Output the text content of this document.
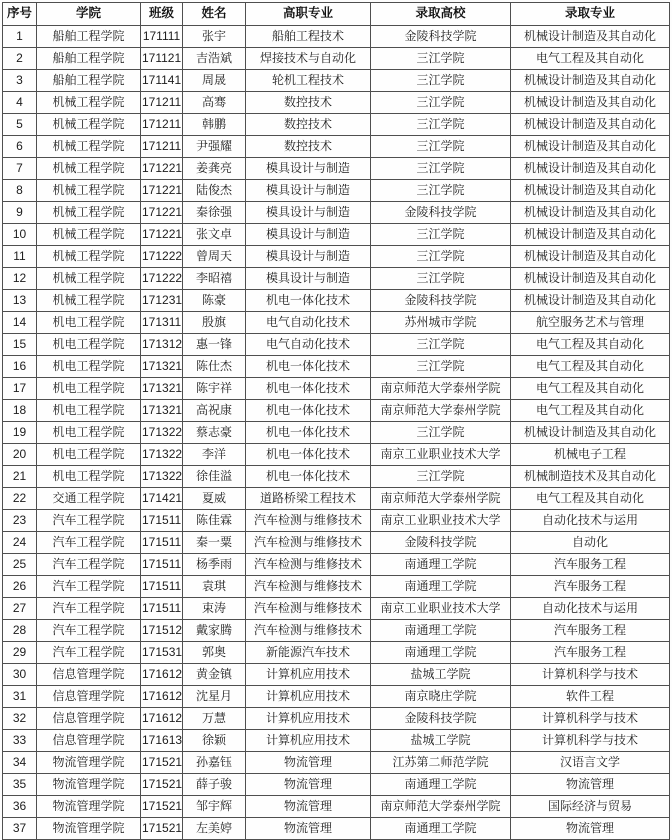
序号	学院	班级	姓名	高职专业	录取高校	录取专业
1	船舶工程学院	171111	张宇	船舶工程技术	金陵科技学院	机械设计制造及其自动化
2	船舶工程学院	171121	吉浩斌	焊接技术与自动化	三江学院	电气工程及其自动化
3	船舶工程学院	171141	周晟	轮机工程技术	三江学院	机械设计制造及其自动化
4	机械工程学院	171211	高骞	数控技术	三江学院	机械设计制造及其自动化
5	机械工程学院	171211	韩鹏	数控技术	三江学院	机械设计制造及其自动化
6	机械工程学院	171211	尹强耀	数控技术	三江学院	机械设计制造及其自动化
7	机械工程学院	171221	姜龚亮	模具设计与制造	三江学院	机械设计制造及其自动化
8	机械工程学院	171221	陆俊杰	模具设计与制造	三江学院	机械设计制造及其自动化
9	机械工程学院	171221	秦徐强	模具设计与制造	金陵科技学院	机械设计制造及其自动化
10	机械工程学院	171221	张文卓	模具设计与制造	三江学院	机械设计制造及其自动化
11	机械工程学院	171222	曾周天	模具设计与制造	三江学院	机械设计制造及其自动化
12	机械工程学院	171222	李昭禧	模具设计与制造	三江学院	机械设计制造及其自动化
13	机械工程学院	171231	陈豪	机电一体化技术	金陵科技学院	机械设计制造及其自动化
14	机电工程学院	171311	殷旗	电气自动化技术	苏州城市学院	航空服务艺术与管理
15	机电工程学院	171312	惠一锋	电气自动化技术	三江学院	电气工程及其自动化
16	机电工程学院	171321	陈仕杰	机电一体化技术	三江学院	电气工程及其自动化
17	机电工程学院	171321	陈宇祥	机电一体化技术	南京师范大学泰州学院	电气工程及其自动化
18	机电工程学院	171321	高祝康	机电一体化技术	南京师范大学泰州学院	电气工程及其自动化
19	机电工程学院	171322	蔡志豪	机电一体化技术	三江学院	机械设计制造及其自动化
20	机电工程学院	171322	李洋	机电一体化技术	南京工业职业技术大学	机械电子工程
21	机电工程学院	171322	徐佳溢	机电一体化技术	三江学院	机械制造技术及其自动化
22	交通工程学院	171421	夏威	道路桥梁工程技术	南京师范大学泰州学院	电气工程及其自动化
23	汽车工程学院	171511	陈佳霖	汽车检测与维修技术	南京工业职业技术大学	自动化技术与运用
24	汽车工程学院	171511	秦一粟	汽车检测与维修技术	金陵科技学院	自动化
25	汽车工程学院	171511	杨季雨	汽车检测与维修技术	南通理工学院	汽车服务工程
26	汽车工程学院	171511	袁琪	汽车检测与维修技术	南通理工学院	汽车服务工程
27	汽车工程学院	171511	束涛	汽车检测与维修技术	南京工业职业技术大学	自动化技术与运用
28	汽车工程学院	171512	戴家腾	汽车检测与维修技术	南通理工学院	汽车服务工程
29	汽车工程学院	171531	郭奥	新能源汽车技术	南通理工学院	汽车服务工程
30	信息管理学院	171612	黄金镇	计算机应用技术	盐城工学院	计算机科学与技术
31	信息管理学院	171612	沈星月	计算机应用技术	南京晓庄学院	软件工程
32	信息管理学院	171612	万慧	计算机应用技术	金陵科技学院	计算机科学与技术
33	信息管理学院	171613	徐颖	计算机应用技术	盐城工学院	计算机科学与技术
34	物流管理学院	171521	孙嘉钰	物流管理	江苏第二师范学院	汉语言文学
35	物流管理学院	171521	薛子骏	物流管理	南通理工学院	物流管理
36	物流管理学院	171521	邹宇辉	物流管理	南京师范大学泰州学院	国际经济与贸易
37	物流管理学院	171521	左美婷	物流管理	南通理工学院	物流管理
